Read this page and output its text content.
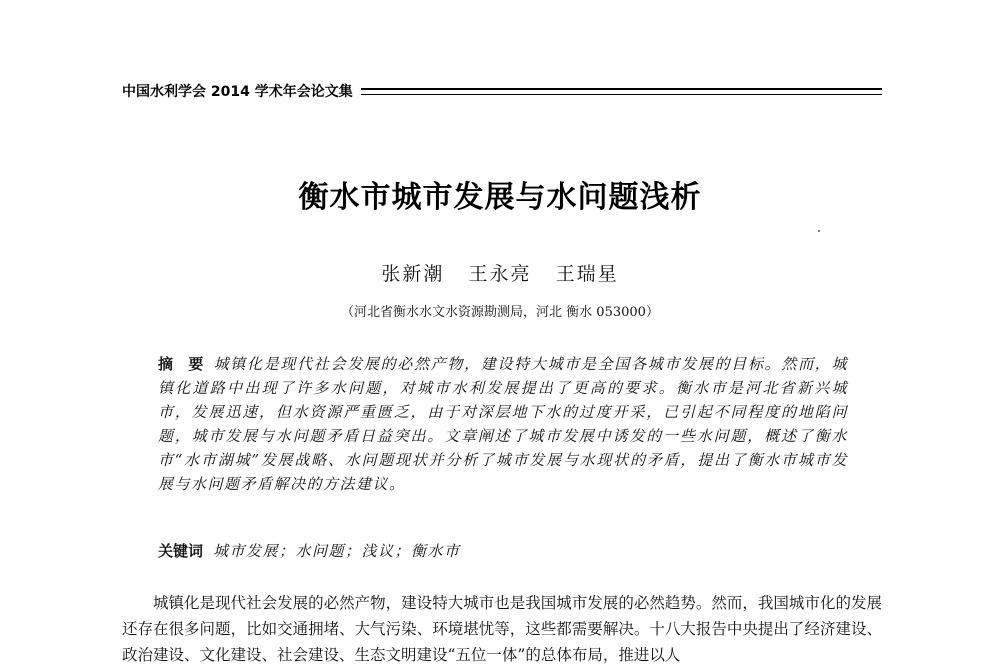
中国水利学会 2014 学术年会论文集
衡水市城市发展与水问题浅析
张新潮   王永亮   王瑞星
（河北省衡水水文水资源勘测局，河北 衡水 053000）
摘　要 城镇化是现代社会发展的必然产物，建设特大城市是全国各城市发展的目标。然而，城镇化道路中出现了许多水问题，对城市水利发展提出了更高的要求。衡水市是河北省新兴城市，发展迅速，但水资源严重匮乏，由于对深层地下水的过度开采，已引起不同程度的地陷问题，城市发展与水问题矛盾日益突出。文章阐述了城市发展中诱发的一些水问题，概述了衡水市“水市湖城”发展战略、水问题现状并分析了城市发展与水现状的矛盾，提出了衡水市城市发展与水问题矛盾解决的方法建议。
关键词 城市发展；水问题；浅议；衡水市

城镇化是现代社会发展的必然产物，建设特大城市也是我国城市发展的必然趋势。然而，我国城市化的发展还存在很多问题，比如交通拥堵、大气污染、环境堪忧等，这些都需要解决。十八大报告中央提出了经济建设、政治建设、文化建设、社会建设、生态文明建设“五位一体”的总体布局，推进以人
